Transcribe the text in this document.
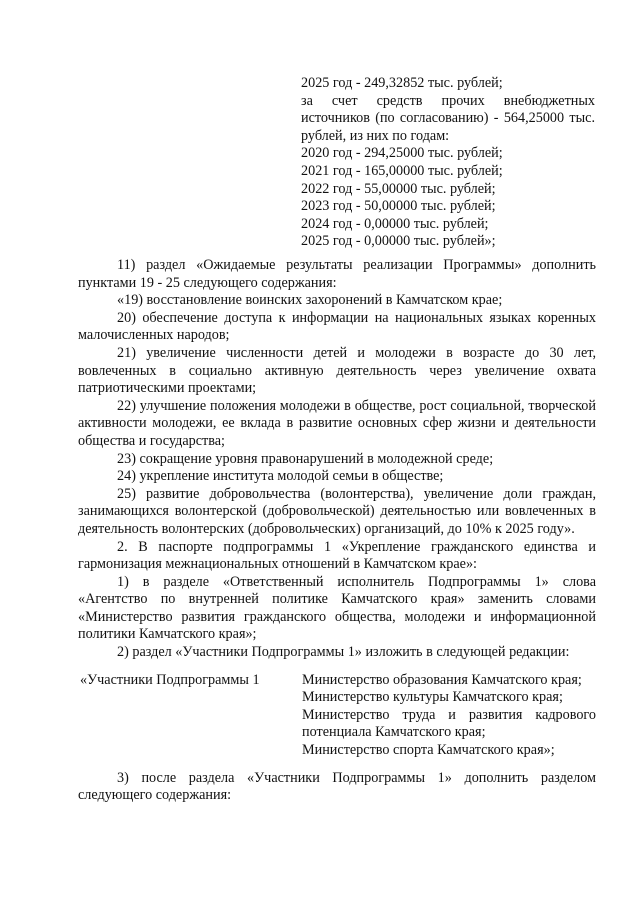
2025 год - 249,32852 тыс. рублей;

за счет средств прочих внебюджетных источников (по согласованию) - 564,25000 тыс. рублей, из них по годам:

2020 год - 294,25000 тыс. рублей;

2021 год - 165,00000 тыс. рублей;

2022 год - 55,00000 тыс. рублей;

2023 год - 50,00000 тыс. рублей;

2024 год - 0,00000 тыс. рублей;

2025 год - 0,00000 тыс. рублей»;

11) раздел «Ожидаемые результаты реализации Программы» дополнить пунктами 19 - 25 следующего содержания:

«19) восстановление воинских захоронений в Камчатском крае;

20) обеспечение доступа к информации на национальных языках коренных малочисленных народов;

21) увеличение численности детей и молодежи в возрасте до 30 лет, вовлеченных в социально активную деятельность через увеличение охвата патриотическими проектами;

22) улучшение положения молодежи в обществе, рост социальной, творческой активности молодежи, ее вклада в развитие основных сфер жизни и деятельности общества и государства;

23) сокращение уровня правонарушений в молодежной среде;

24) укрепление института молодой семьи в обществе;

25) развитие добровольчества (волонтерства), увеличение доли граждан, занимающихся волонтерской (добровольческой) деятельностью или вовлеченных в деятельность волонтерских (добровольческих) организаций, до 10% к 2025 году».

2. В паспорте подпрограммы 1 «Укрепление гражданского единства и гармонизация межнациональных отношений в Камчатском крае»:

1) в разделе «Ответственный исполнитель Подпрограммы 1» слова «Агентство по внутренней политике Камчатского края» заменить словами «Министерство развития гражданского общества, молодежи и информационной политики Камчатского края»;

2) раздел «Участники Подпрограммы 1» изложить в следующей редакции:

«Участники Подпрограммы 1	Министерство образования Камчатского края;

Министерство культуры Камчатского края;

Министерство труда и развития кадрового потенциала Камчатского края;

Министерство спорта Камчатского края»;

3) после раздела «Участники Подпрограммы 1» дополнить разделом следующего содержания:
